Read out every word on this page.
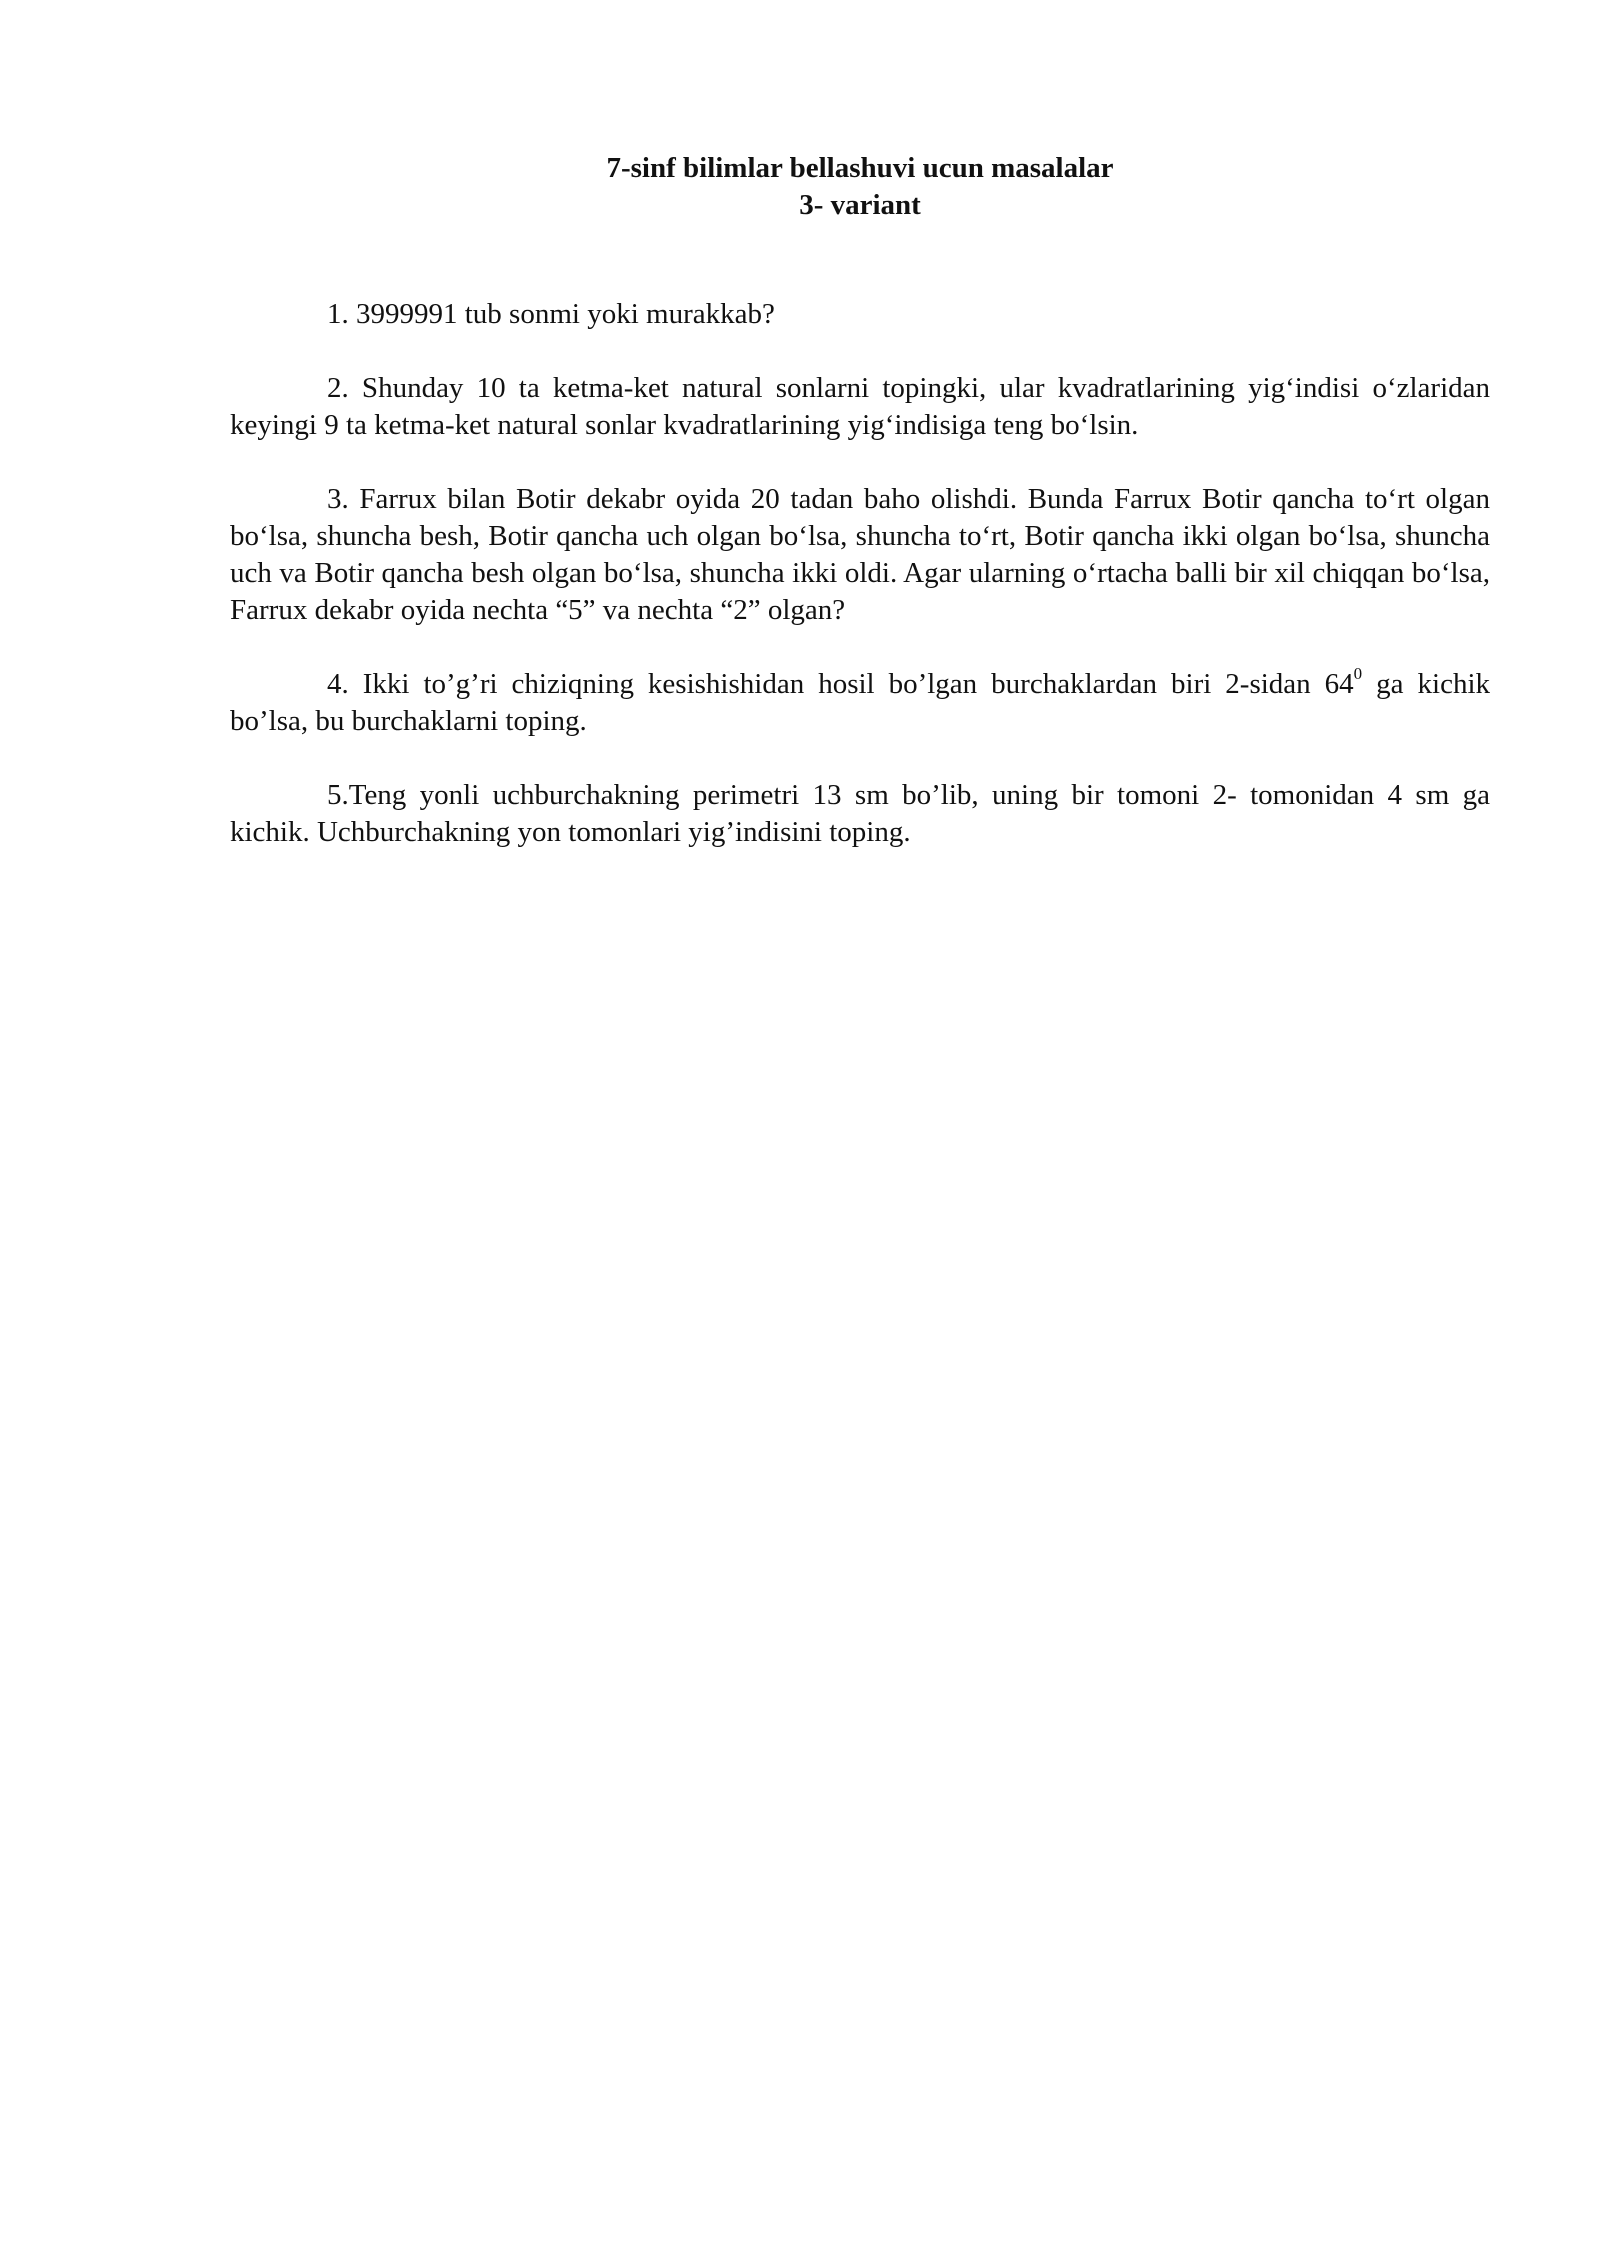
7-sinf bilimlar bellashuvi ucun masalalar
3- variant

1. 3999991 tub sonmi yoki murakkab?

2. Shunday 10 ta ketma-ket natural sonlarni topingki, ular kvadratlarining yig‘indisi o‘zlaridan keyingi 9 ta ketma-ket natural sonlar kvadratlarining yig‘indisiga teng bo‘lsin.

3. Farrux bilan Botir dekabr oyida 20 tadan baho olishdi. Bunda Farrux Botir qancha to‘rt olgan bo‘lsa, shuncha besh, Botir qancha uch olgan bo‘lsa, shuncha to‘rt, Botir qancha ikki olgan bo‘lsa, shuncha uch va Botir qancha besh olgan bo‘lsa, shuncha ikki oldi. Agar ularning o‘rtacha balli bir xil chiqqan bo‘lsa, Farrux dekabr oyida nechta “5” va nechta “2” olgan?

4. Ikki to’g’ri chiziqning kesishishidan hosil bo’lgan burchaklardan biri 2-sidan $64^0$ ga kichik bo’lsa, bu burchaklarni toping.

5.Teng yonli uchburchakning perimetri 13 sm bo’lib, uning bir tomoni 2- tomonidan 4 sm ga kichik. Uchburchakning yon tomonlari yig’indisini toping.
